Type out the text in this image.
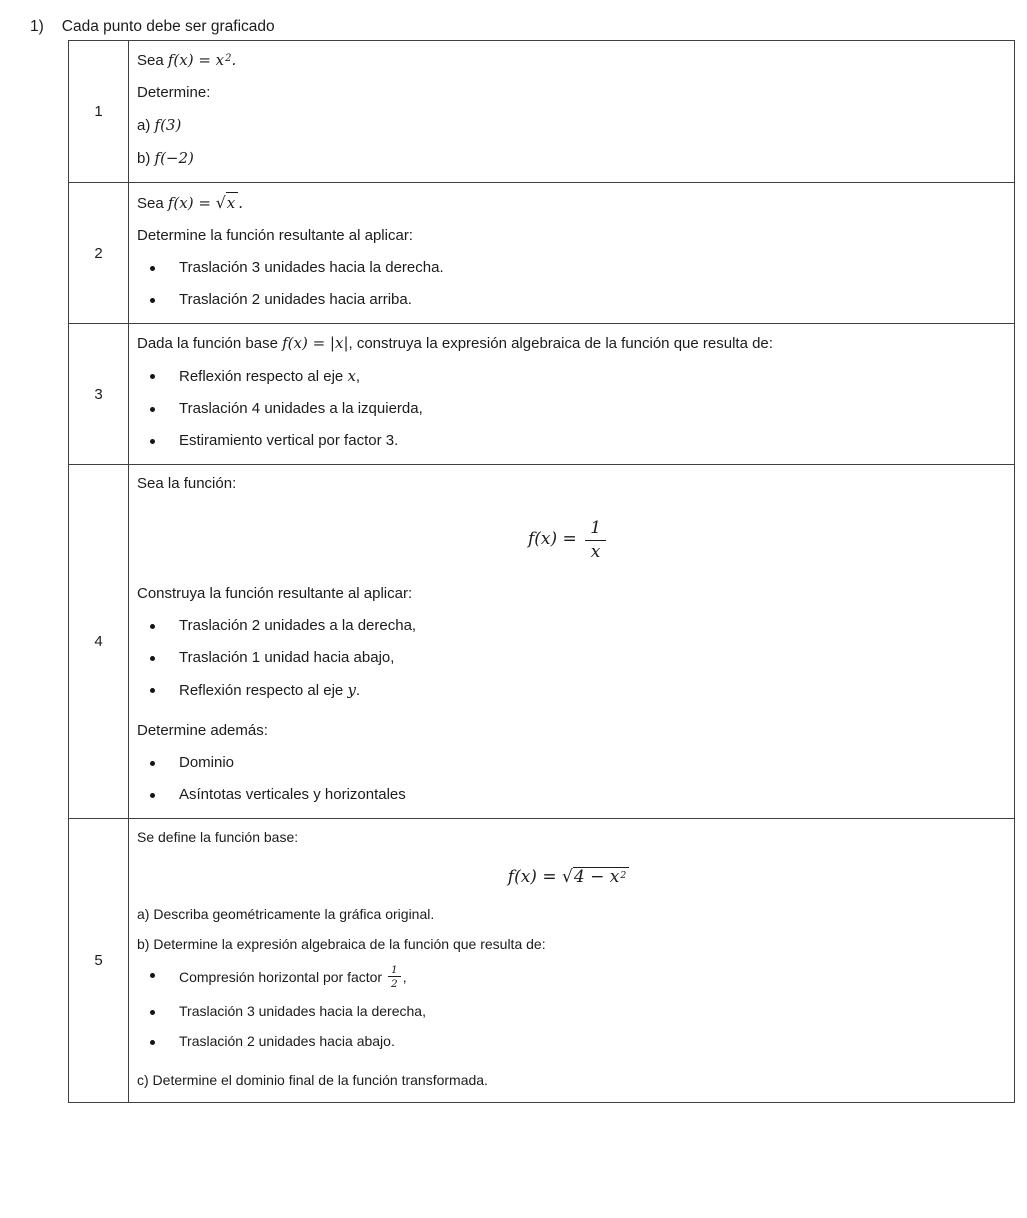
1) Cada punto debe ser graficado
1
Sea $f(x) = x^2$.
Determine:
a) f(3)
b) f(−2)
2
Sea f(x) = √x .
Determine la función resultante al aplicar:
Traslación 3 unidades hacia la derecha.
Traslación 2 unidades hacia arriba.
3
Dada la función base f(x) = |x|, construya la expresión algebraica de la función que resulta de:
Reflexión respecto al eje x,
Traslación 4 unidades a la izquierda,
Estiramiento vertical por factor 3.
4
Sea la función:
$f(x) = \frac{1}{x}$
Construya la función resultante al aplicar:
Traslación 2 unidades a la derecha,
Traslación 1 unidad hacia abajo,
Reflexión respecto al eje y.
Determine además:
Dominio
Asíntotas verticales y horizontales
5
Se define la función base:
$f(x) = √4 - x^2$
a) Describa geométricamente la gráfica original.
b) Determine la expresión algebraica de la función que resulta de:
Compresión horizontal por factor $\frac{1}{2}$ ,
Traslación 3 unidades hacia la derecha,
Traslación 2 unidades hacia abajo.
c) Determine el dominio final de la función transformada.
